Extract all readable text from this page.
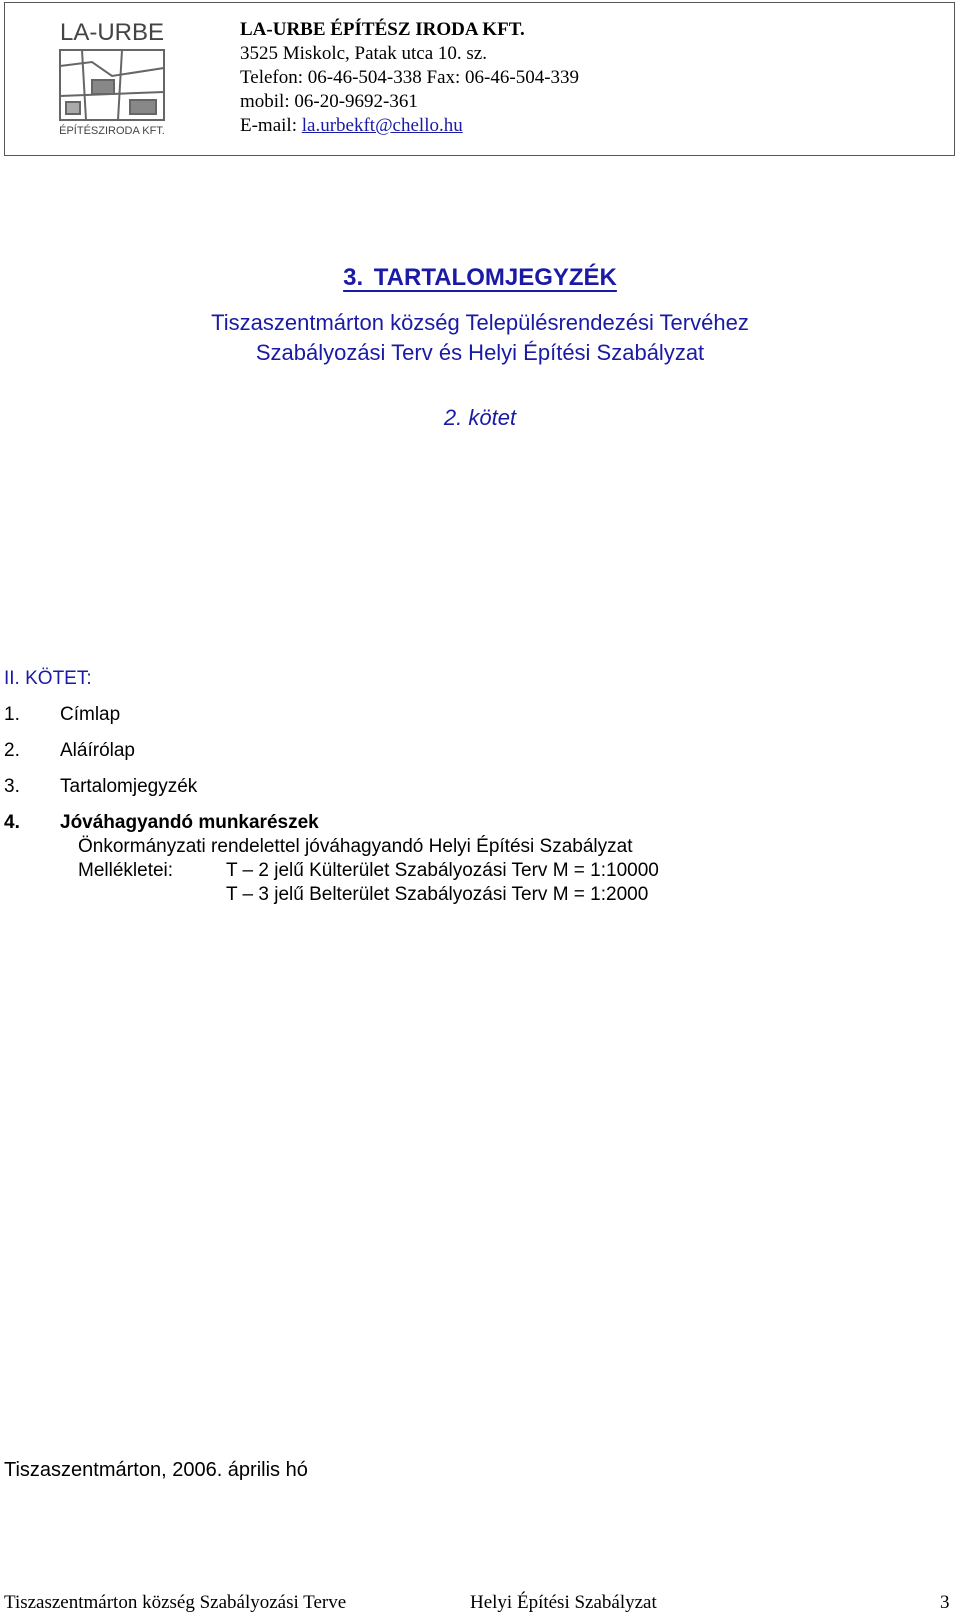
LA-URBE
ÉPÍTÉSZIRODA KFT.
LA-URBE ÉPÍTÉSZ IRODA KFT.
3525 Miskolc, Patak utca 10. sz.
Telefon: 06-46-504-338 Fax: 06-46-504-339
mobil: 06-20-9692-361
E-mail: la.urbekft@chello.hu
3. TARTALOMJEGYZÉK
Tiszaszentmárton község Településrendezési Tervéhez
Szabályozási Terv és Helyi Építési Szabályzat
2. kötet
II. KÖTET:
1. Címlap
2. Aláírólap
3. Tartalomjegyzék
4. Jóváhagyandó munkarészek
Önkormányzati rendelettel jóváhagyandó Helyi Építési Szabályzat
Mellékletei:	T – 2 jelű Külterület Szabályozási Terv M = 1:10000
T – 3 jelű Belterület Szabályozási Terv M = 1:2000
Tiszaszentmárton, 2006. április hó
Tiszaszentmárton község Szabályozási Terve	Helyi Építési Szabályzat	3
